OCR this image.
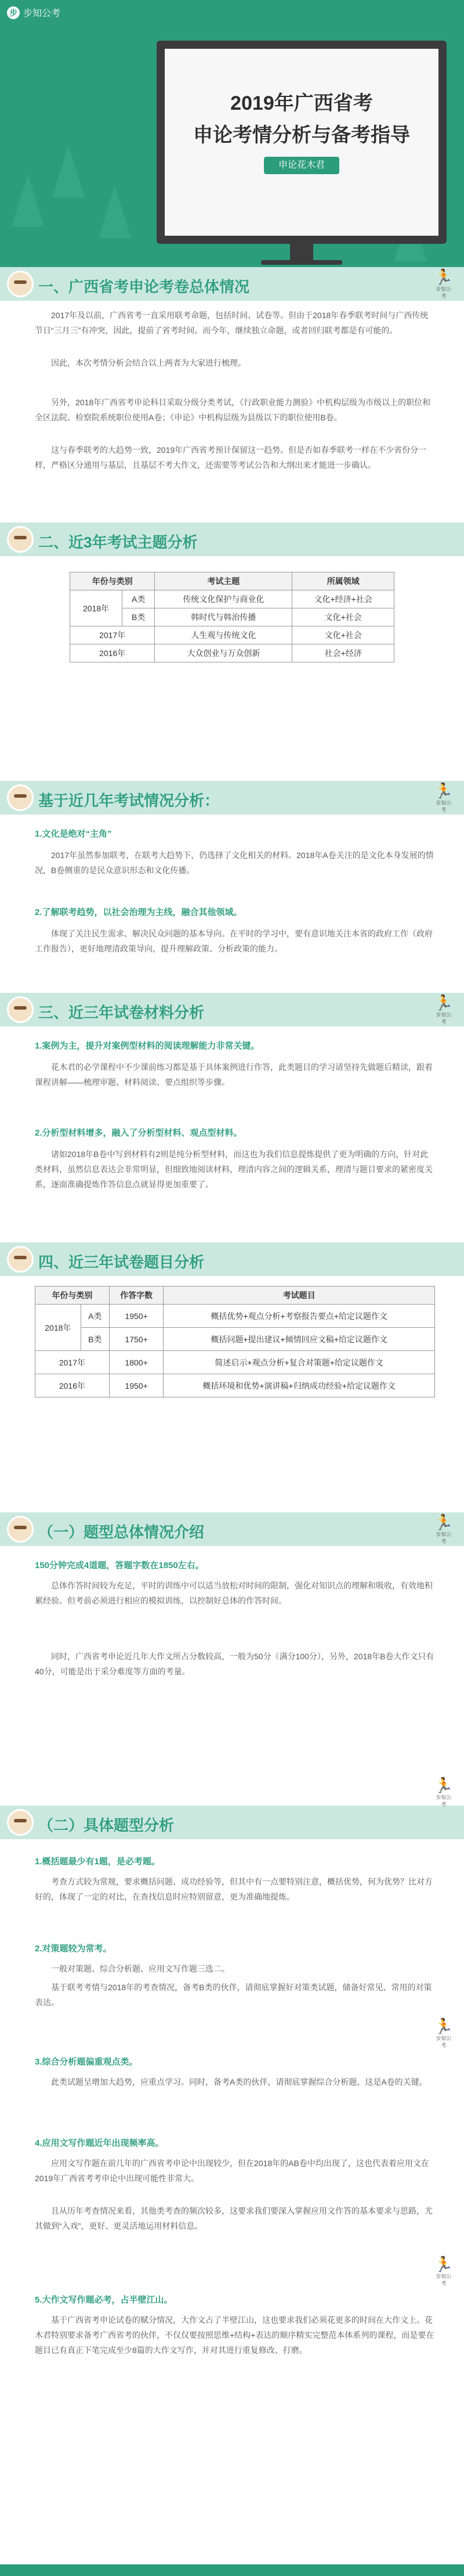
步 步知公考
2019年广西省考
申论考情分析与备考指导
申论花木君
一、广西省考申论考卷总体情况
🏃
步知公考

2017年及以前，广西省考一直采用联考命题，包括时间、试卷等。但由于2018年春季联考时间与广西传统节日“三月三”有冲突，因此，提前了省考时间。而今年，继续独立命题，或者回归联考都是有可能的。

因此，本次考情分析会结合以上两者为大家进行梳理。

另外，2018年广西省考申论科目采取分级分类考试，《行政职业能力测验》中机构层级为市级以上的职位和全区法院、检察院系统职位使用A卷；《申论》中机构层级为县级以下的职位使用B卷。

这与春季联考的大趋势一致，2019年广西省考预计保留这一趋势。但是否如春季联考一样在不少省份分一样，严格区分通用与基层，且基层不考大作文，还需要等考试公告和大纲出来才能进一步确认。

二、近3年考试主题分析
年份与类别		考试主题	所属领域
2018年	A类	传统文化保护与商业化	文化+经济+社会
	B类	韩时代与韩治传播	文化+社会
2017年		人生观与传统文化	文化+社会
2016年		大众创业与万众创新	社会+经济
基于近几年考试情况分析：
🏃
步知公考

1.文化是绝对“主角”

2017年虽然参加联考，在联考大趋势下，仍选择了文化相关的材料。2018年A卷关注的是文化本身发展的情况，B卷侧重的是民众意识形态和文化传播。

2.了解联考趋势，以社会治理为主线，融合其他领域。

体现了关注民生需求、解决民众问题的基本导向。在平时的学习中，要有意识地关注本省的政府工作（政府工作报告），更好地理清政策导向，提升理解政策、分析政策的能力。

三、近三年试卷材料分析
🏃
步知公考

1.案例为主，提升对案例型材料的阅读理解能力非常关键。

花木君的必学课程中不少课前练习都是基于具体案例进行作答，此类题目的学习请坚持先做题后精读，跟着课程讲解——梳理审题、材料阅读、要点组织等步骤。

2.分析型材料增多，融入了分析型材料、观点型材料。

诸如2018年B卷中写到材料有2则是纯分析型材料，而这也为我们信息提炼提供了更为明确的方向，针对此类材料，虽然信息表达会非常明显，但细致地阅读材料，理清内容之间的逻辑关系，理清与题目要求的紧密度关系，逐面准确提炼作答信息点就显得更加重要了。

四、近三年试卷题目分析
年份与类别		作答字数	考试题目
2018年	A类	1950+	概括优势+观点分析+考察报告要点+给定议题作文
	B类	1750+	概括问题+提出建议+倾情回应文稿+给定议题作文
2017年		1800+	简述启示+观点分析+复合对策题+给定议题作文
2016年		1950+	概括环境和优势+演讲稿+归纳成功经验+给定议题作文
（一）题型总体情况介绍
🏃
步知公考

150分钟完成4道题，答题字数在1850左右。

总体作答时间较为充足，平时的训练中可以适当放松对时间的限制，强化对知识点的理解和吸收，有效地积累经验。但考前必须进行相应的模拟训练，以控制好总体的作答时间。

同时，广西省考申论近几年大作文所占分数较高，一般为50分（满分100分），另外，2018年B卷大作文只有40分，可能是出于采分难度等方面的考量。

（二）具体题型分析
🏃
步知公考

1.概括题最少有1题，是必考题。

考查方式较为常规，要求概括问题、成功经验等，但其中有一点要特别注意，概括优势，何为优势？比对方好的，体现了一定的对比，在查找信息时应特别留意，更为准确地提炼。

2.对策题较为常考。

一般对策题、综合分析题、应用文写作题三选二。

基于联考考情与2018年的考查情况，备考B类的伙伴，请彻底掌握好对策类试题，储备好常见、常用的对策表达。

🏃
步知公考

3.综合分析题偏重观点类。

此类试题呈增加大趋势，应重点学习。同时，备考A类的伙伴，请彻底掌握综合分析题，这是A卷的关键。

4.应用文写作题近年出现频率高。

应用文写作题在前几年的广西省考申论中出现较少，但在2018年的AB卷中均出现了，这也代表着应用文在2019年广西省考考申论中出现可能性非常大。

且从历年考查情况来看，其他类考查的频次较多，这要求我们要深入掌握应用文作答的基本要求与思路，尤其做到“入戏”，更好、更灵活地运用材料信息。

🏃
步知公考

5.大作文写作题必考，占半壁江山。

基于广西省考申论试卷的赋分情况，大作文占了半壁江山，这也要求我们必须花更多的时间在大作文上。花木君特别要求备考广西省考的伙伴，不仅仅要按照思维+结构+表达的顺序精实完整范本体系列的课程，而是要在题目已有真正下笔完成至少8篇的大作文写作，并对其进行重复修改、打磨。
